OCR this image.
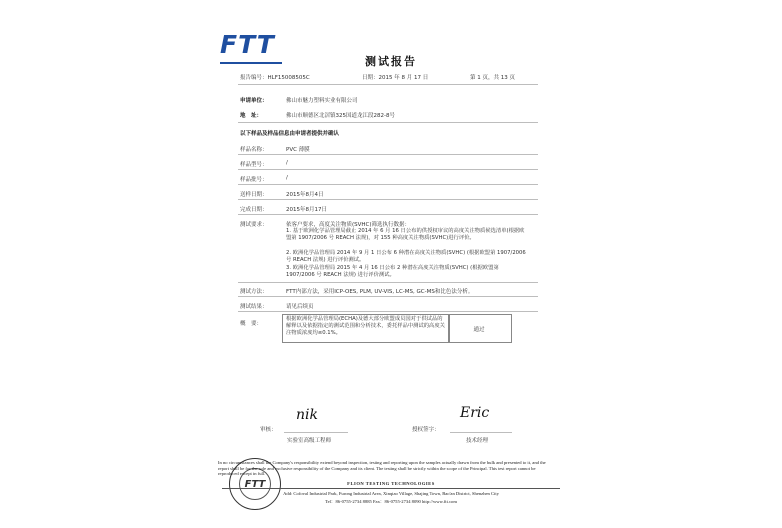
FTT
测试报告
报告编号：HLF15008505C	日期：2015 年 8 月 17 日	第 1 页，共 13 页
申请单位：	佛山市魅力塑料实业有限公司
地　址：	佛山市顺德区北滘镇325国道龙江段282-8号
以下样品及样品信息由申请者提供并确认
样品名称：	PVC 薄膜
样品型号：	/
样品批号：	/
送样日期：	2015年8月4日
完成日期：	2015年8月17日
测试要求：	依客户要求，高度关注物质(SVHC)筛选执行数据：
1. 基于欧洲化学品管理局截止 2014 年 6 月 16 日公布的供授权审议的高度关注物质候选清单(根据欧盟第 1907/2006 号 REACH 法规)，对 155 种高度关注物质(SVHC)进行评价。
2. 欧洲化学品管理局 2014 年 9 月 1 日公布 6 种潜在高度关注物质(SVHC) (根据欧盟第 1907/2006 号 REACH 法规) 进行评价测试。
3. 欧洲化学品管理局 2015 年 4 月 16 日公布 2 种潜在高度关注物质(SVHC) (根据欧盟第 1907/2006 号 REACH 法规) 进行评价测试。
测试方法：	FTT内部方法，采用ICP-OES, PLM, UV-VIS, LC-MS, GC-MS和比色法分析。
测试结果：	请见后续页
概　要：
根据欧洲化学品管理局(ECHA)及德大部分欧盟成员国对于供试品的解释以及依据指定的测试范围和分析技术，委托样品中测试的高度关注物质浓度均≤0.1%。	通过
审核：
nik
实验室高级工程师
授权签字：
Eric
技术经理
FTT
In no circumstances shall the Company's responsibility extend beyond inspection, testing and reporting upon the samples actually drawn from the bulk and presented to it, and the report shall be for the sole and exclusive responsibility of the Company and its client. The testing shall be strictly within the scope of the Principal. This test report cannot be reproduced except in full.
FLION TESTING TECHNOLOGIES
Add: Cofoval Industrial Park, Furong Industrial Area, Xinqiao Village, Shajing Town, Bao'an District, Shenzhen City
Tel：86-0755-2734 8885 Fax：86-0755-2734 8090 http://www.ftt.com
